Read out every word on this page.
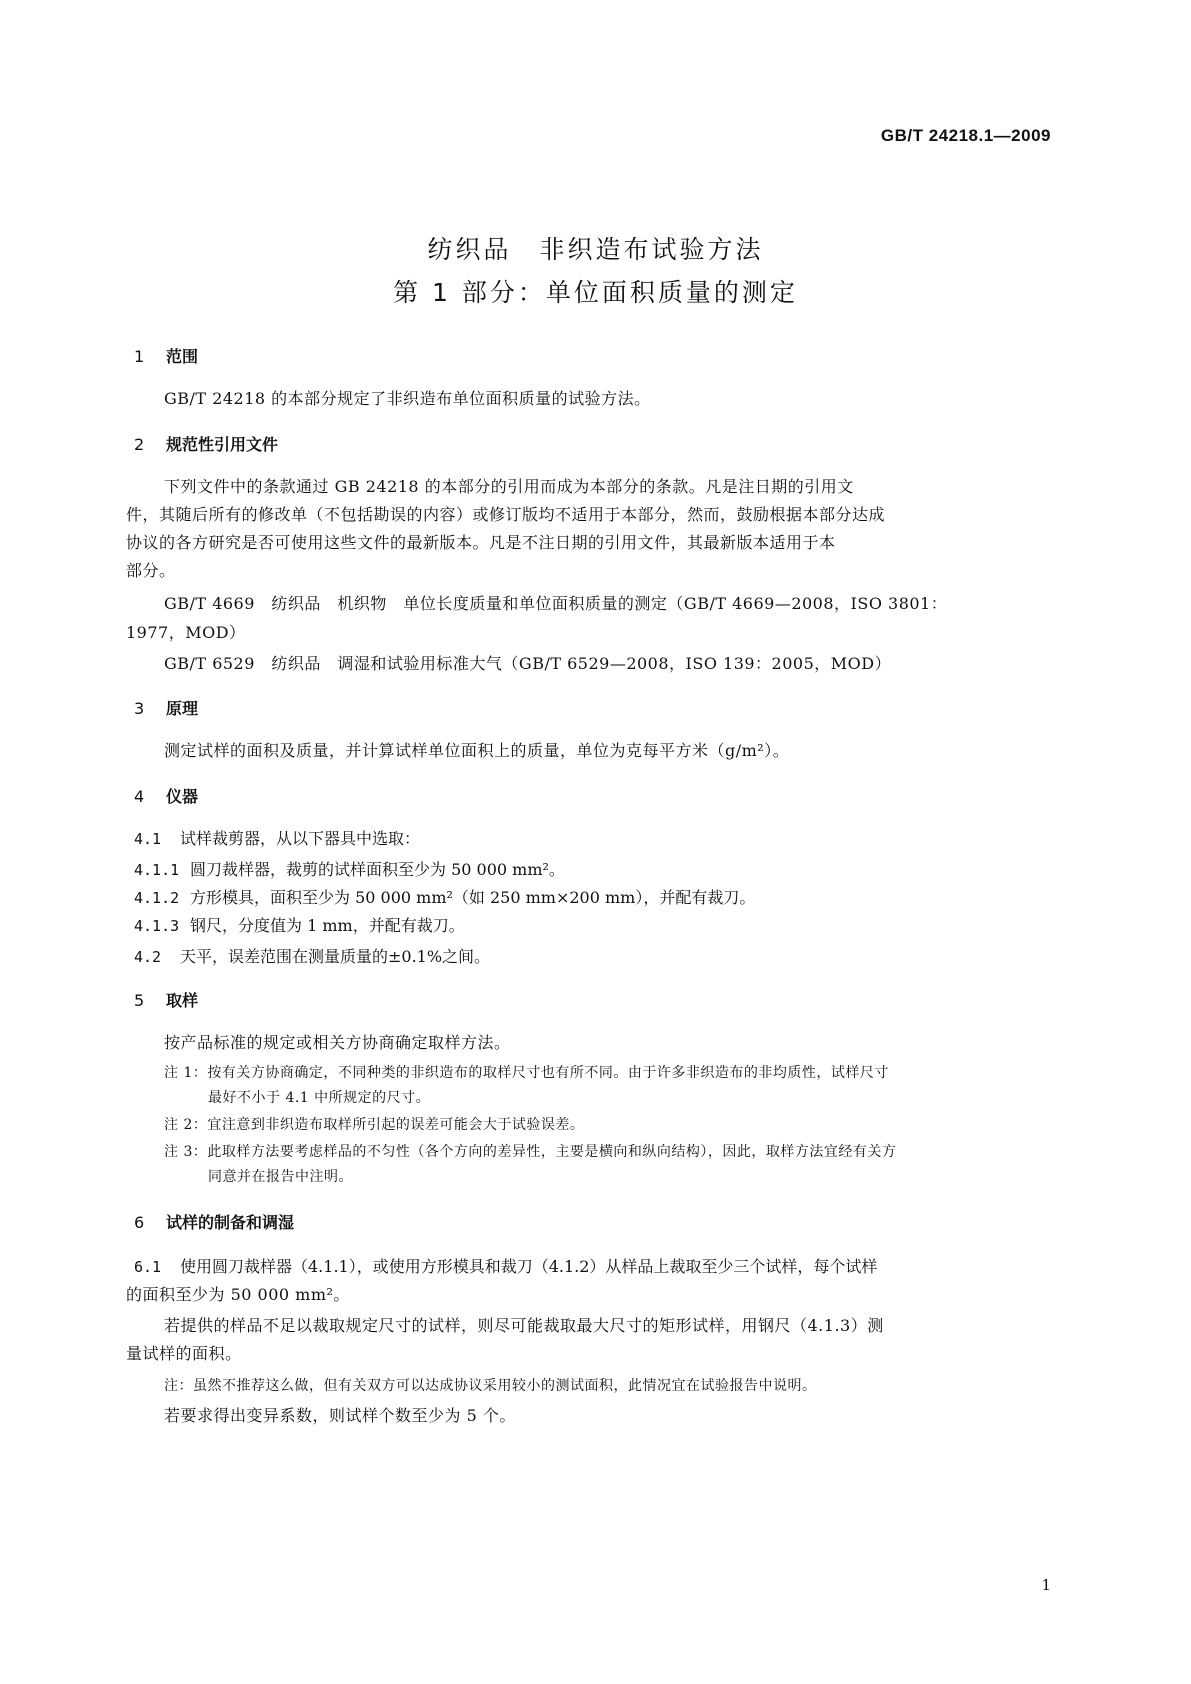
GB/T 24218.1—2009
纺织品　非织造布试验方法
第 1 部分：单位面积质量的测定
1 范围
GB/T 24218 的本部分规定了非织造布单位面积质量的试验方法。
2 规范性引用文件
下列文件中的条款通过 GB 24218 的本部分的引用而成为本部分的条款。凡是注日期的引用文
件，其随后所有的修改单（不包括勘误的内容）或修订版均不适用于本部分，然而，鼓励根据本部分达成
协议的各方研究是否可使用这些文件的最新版本。凡是不注日期的引用文件，其最新版本适用于本
部分。
GB/T 4669　纺织品　机织物　单位长度质量和单位面积质量的测定（GB/T 4669—2008，ISO 3801：
1977，MOD）
GB/T 6529　纺织品　调湿和试验用标准大气（GB/T 6529—2008，ISO 139：2005，MOD）
3 原理
测定试样的面积及质量，并计算试样单位面积上的质量，单位为克每平方米（g/m²）。
4 仪器
4.1 试样裁剪器，从以下器具中选取：
4.1.1 圆刀裁样器，裁剪的试样面积至少为 50 000 mm²。
4.1.2 方形模具，面积至少为 50 000 mm²（如 250 mm×200 mm），并配有裁刀。
4.1.3 钢尺，分度值为 1 mm，并配有裁刀。
4.2 天平，误差范围在测量质量的±0.1%之间。
5 取样
按产品标准的规定或相关方协商确定取样方法。
注 1：按有关方协商确定，不同种类的非织造布的取样尺寸也有所不同。由于许多非织造布的非均质性，试样尺寸
最好不小于 4.1 中所规定的尺寸。
注 2：宜注意到非织造布取样所引起的误差可能会大于试验误差。
注 3：此取样方法要考虑样品的不匀性（各个方向的差异性，主要是横向和纵向结构），因此，取样方法宜经有关方
同意并在报告中注明。
6 试样的制备和调湿
6.1 使用圆刀裁样器（4.1.1），或使用方形模具和裁刀（4.1.2）从样品上裁取至少三个试样，每个试样
的面积至少为 50 000 mm²。
若提供的样品不足以裁取规定尺寸的试样，则尽可能裁取最大尺寸的矩形试样，用钢尺（4.1.3）测
量试样的面积。
注：虽然不推荐这么做，但有关双方可以达成协议采用较小的测试面积，此情况宜在试验报告中说明。
若要求得出变异系数，则试样个数至少为 5 个。
1
